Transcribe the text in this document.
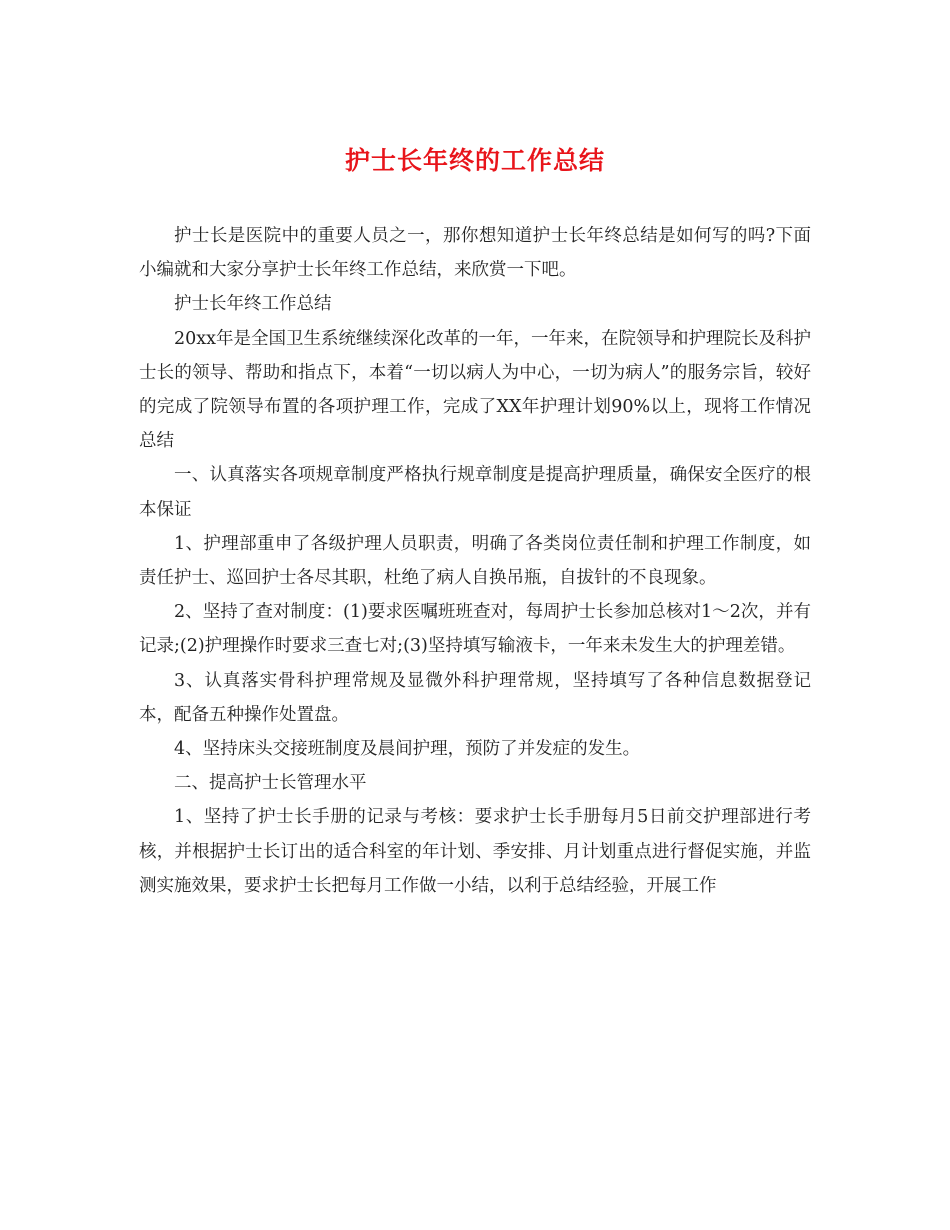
护士长年终的工作总结

护士长是医院中的重要人员之一，那你想知道护士长年终总结是如何写的吗?下面小编就和大家分享护士长年终工作总结，来欣赏一下吧。

护士长年终工作总结

20xx年是全国卫生系统继续深化改革的一年，一年来，在院领导和护理院长及科护士长的领导、帮助和指点下，本着“一切以病人为中心，一切为病人”的服务宗旨，较好的完成了院领导布置的各项护理工作，完成了XX年护理计划90%以上，现将工作情况总结

一、认真落实各项规章制度严格执行规章制度是提高护理质量，确保安全医疗的根本保证

1、护理部重申了各级护理人员职责，明确了各类岗位责任制和护理工作制度，如责任护士、巡回护士各尽其职，杜绝了病人自换吊瓶，自拔针的不良现象。

2、坚持了查对制度：(1)要求医嘱班班查对，每周护士长参加总核对1～2次，并有记录;(2)护理操作时要求三查七对;(3)坚持填写输液卡，一年来未发生大的护理差错。

3、认真落实骨科护理常规及显微外科护理常规，坚持填写了各种信息数据登记本，配备五种操作处置盘。

4、坚持床头交接班制度及晨间护理，预防了并发症的发生。

二、提高护士长管理水平

1、坚持了护士长手册的记录与考核：要求护士长手册每月5日前交护理部进行考核，并根据护士长订出的适合科室的年计划、季安排、月计划重点进行督促实施，并监测实施效果，要求护士长把每月工作做一小结，以利于总结经验，开展工作
